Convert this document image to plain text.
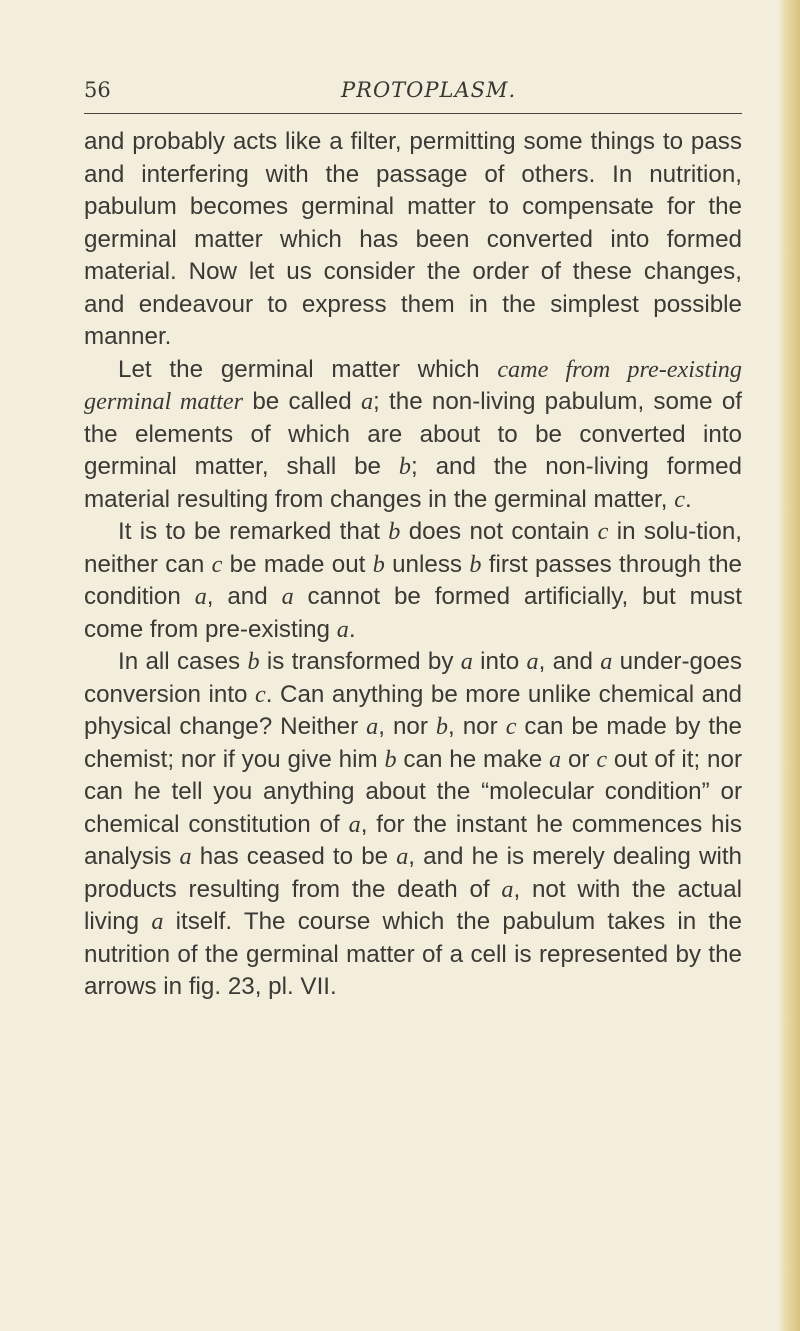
56	PROTOPLASM.

and probably acts like a filter, permitting some things to pass and interfering with the passage of others. In nutrition, pabulum becomes germinal matter to compensate for the germinal matter which has been converted into formed material. Now let us consider the order of these changes, and endeavour to express them in the simplest possible manner.

Let the germinal matter which came from pre-existing germinal matter be called a; the non-living pabulum, some of the elements of which are about to be converted into germinal matter, shall be b; and the non-living formed material resulting from changes in the germinal matter, c.

It is to be remarked that b does not contain c in solu-tion, neither can c be made out b unless b first passes through the condition a, and a cannot be formed artificially, but must come from pre-existing a.

In all cases b is transformed by a into a, and a under-goes conversion into c. Can anything be more unlike chemical and physical change? Neither a, nor b, nor c can be made by the chemist; nor if you give him b can he make a or c out of it; nor can he tell you anything about the “molecular condition” or chemical constitution of a, for the instant he commences his analysis a has ceased to be a, and he is merely dealing with products resulting from the death of a, not with the actual living a itself. The course which the pabulum takes in the nutrition of the germinal matter of a cell is represented by the arrows in fig. 23, pl. VII.
